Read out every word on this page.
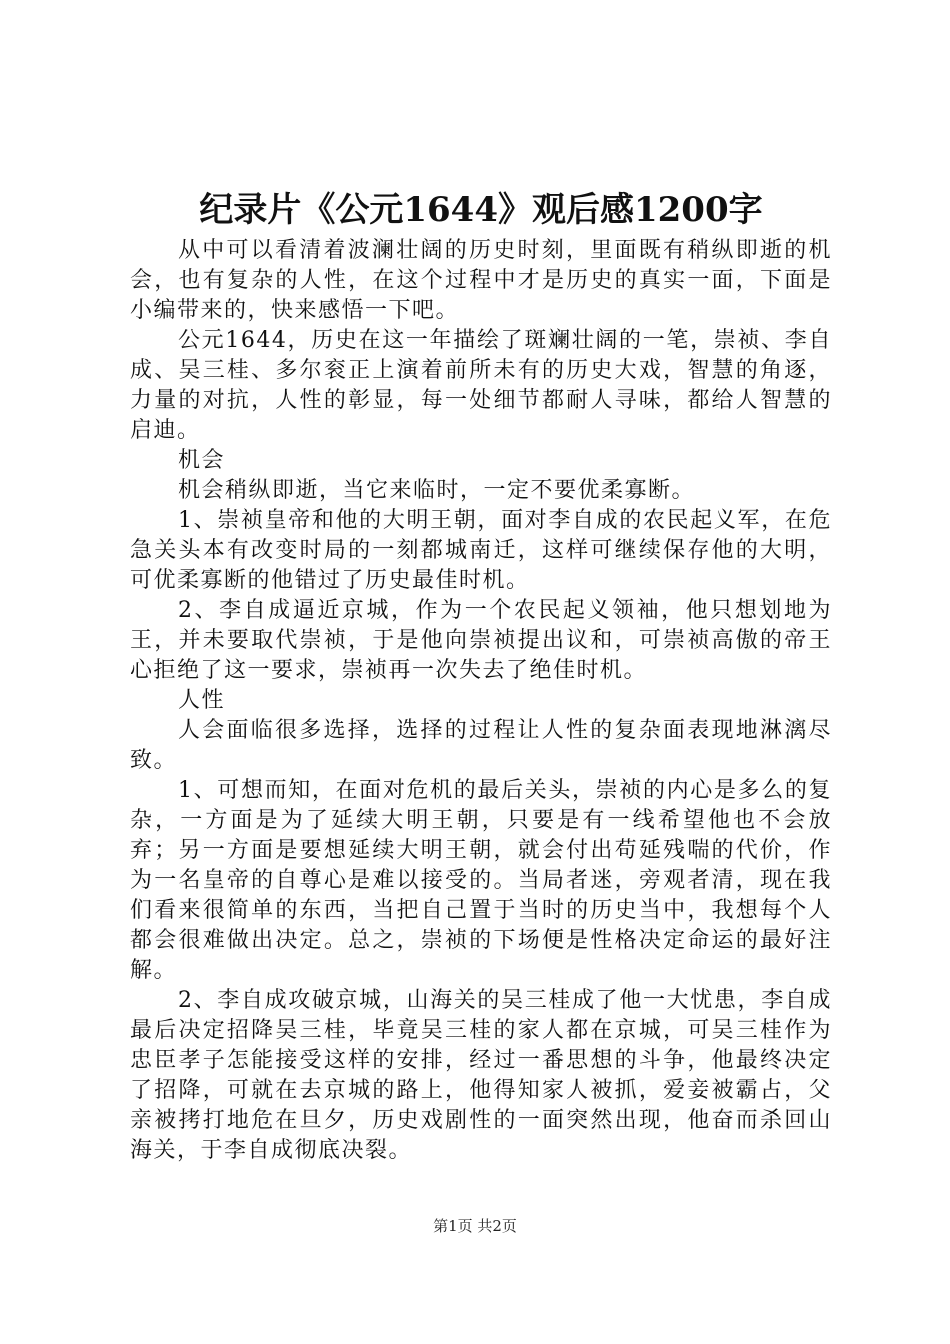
纪录片《公元1644》观后感1200字

从中可以看清着波澜壮阔的历史时刻，里面既有稍纵即逝的机会，也有复杂的人性，在这个过程中才是历史的真实一面，下面是小编带来的，快来感悟一下吧。

公元1644，历史在这一年描绘了斑斓壮阔的一笔，崇祯、李自成、吴三桂、多尔衮正上演着前所未有的历史大戏，智慧的角逐，力量的对抗，人性的彰显，每一处细节都耐人寻味，都给人智慧的启迪。

机会

机会稍纵即逝，当它来临时，一定不要优柔寡断。

1、崇祯皇帝和他的大明王朝，面对李自成的农民起义军，在危急关头本有改变时局的一刻都城南迁，这样可继续保存他的大明，可优柔寡断的他错过了历史最佳时机。

2、李自成逼近京城，作为一个农民起义领袖，他只想划地为王，并未要取代崇祯，于是他向崇祯提出议和，可崇祯高傲的帝王心拒绝了这一要求，崇祯再一次失去了绝佳时机。

人性

人会面临很多选择，选择的过程让人性的复杂面表现地淋漓尽致。

1、可想而知，在面对危机的最后关头，崇祯的内心是多么的复杂，一方面是为了延续大明王朝，只要是有一线希望他也不会放弃；另一方面是要想延续大明王朝，就会付出苟延残喘的代价，作为一名皇帝的自尊心是难以接受的。当局者迷，旁观者清，现在我们看来很简单的东西，当把自己置于当时的历史当中，我想每个人都会很难做出决定。总之，崇祯的下场便是性格决定命运的最好注解。

2、李自成攻破京城，山海关的吴三桂成了他一大忧患，李自成最后决定招降吴三桂，毕竟吴三桂的家人都在京城，可吴三桂作为忠臣孝子怎能接受这样的安排，经过一番思想的斗争，他最终决定了招降，可就在去京城的路上，他得知家人被抓，爱妾被霸占，父亲被拷打地危在旦夕，历史戏剧性的一面突然出现，他奋而杀回山海关，于李自成彻底决裂。

第1页 共2页
